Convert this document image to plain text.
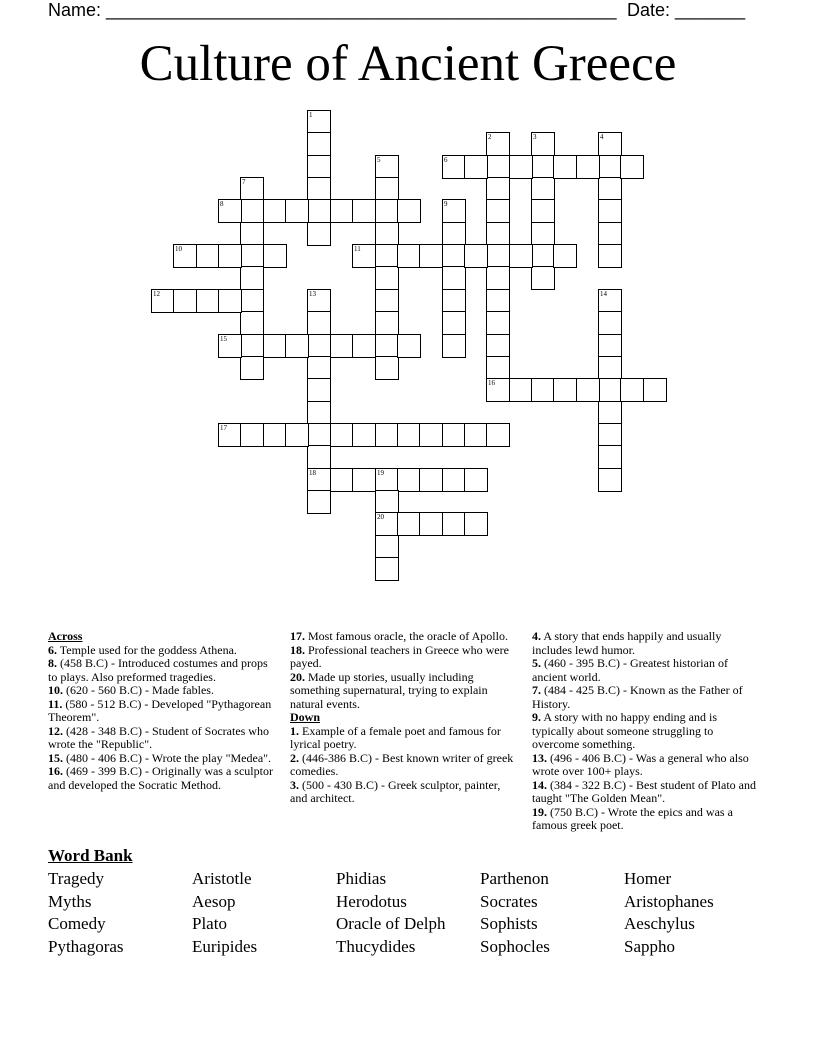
Name: ___________________________________________________ Date: _______
Culture of Ancient Greece
1
2	3	4
5	6
7
8	9
10	11
12	13
18
14
15
16
17
19
20

Across

6. Temple used for the goddess Athena.

8. (458 B.C) - Introduced costumes and props to plays. Also preformed tragedies.

10. (620 - 560 B.C) - Made fables.

11. (580 - 512 B.C) - Developed "Pythagorean Theorem".

12. (428 - 348 B.C) - Student of Socrates who wrote the "Republic".

15. (480 - 406 B.C) - Wrote the play "Medea".

16. (469 - 399 B.C) - Originally was a sculptor and developed the Socratic Method.

17. Most famous oracle, the oracle of Apollo.

18. Professional teachers in Greece who were payed.

20. Made up stories, usually including something supernatural, trying to explain natural events.

Down

1. Example of a female poet and famous for lyrical poetry.

2. (446-386 B.C) - Best known writer of greek comedies.

3. (500 - 430 B.C) - Greek sculptor, painter, and architect.

4. A story that ends happily and usually includes lewd humor.

5. (460 - 395 B.C) - Greatest historian of ancient world.

7. (484 - 425 B.C) - Known as the Father of History.

9. A story with no happy ending and is typically about someone struggling to overcome something.

13. (496 - 406 B.C) - Was a general who also wrote over 100+ plays.

14. (384 - 322 B.C) - Best student of Plato and taught "The Golden Mean".

19. (750 B.C) - Wrote the epics and was a famous greek poet.

Word Bank
Tragedy	Aristotle	Phidias	Parthenon	Homer
Myths	Aesop	Herodotus	Socrates	Aristophanes
Comedy	Plato	Oracle of Delph	Sophists	Aeschylus
Pythagoras	Euripides	Thucydides	Sophocles	Sappho
